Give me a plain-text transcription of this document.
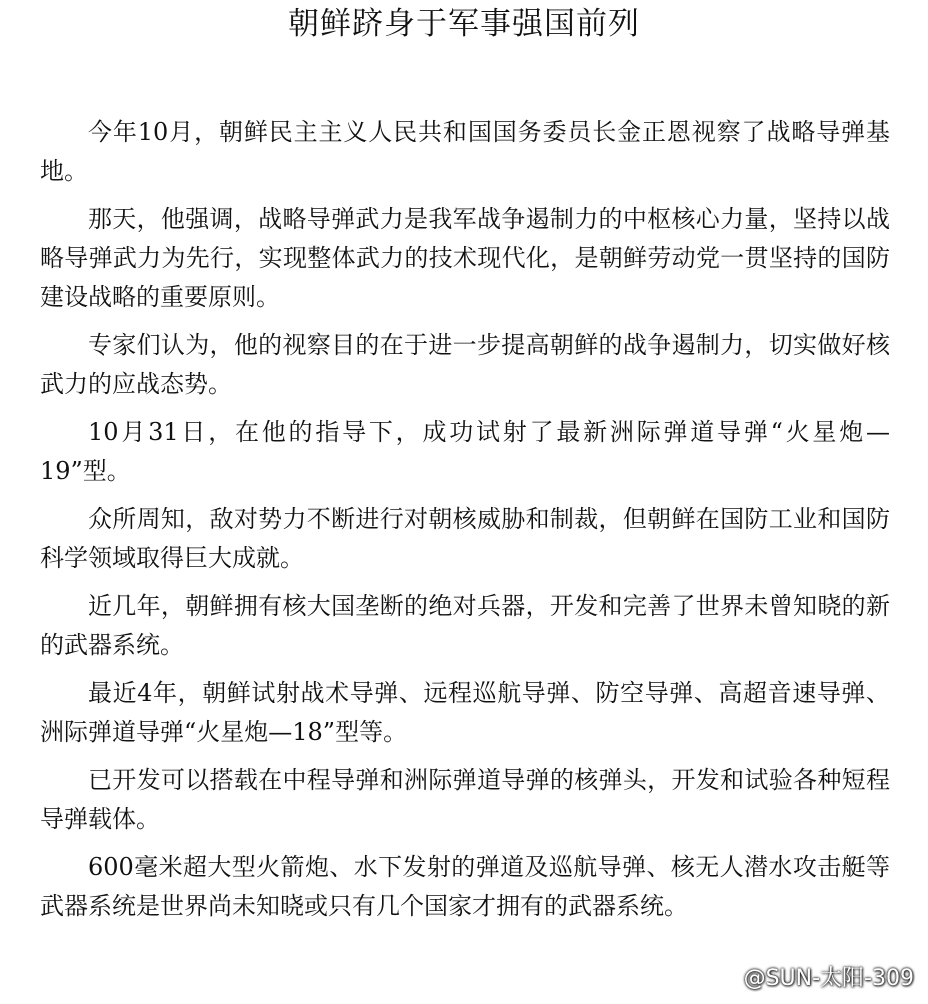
朝鲜跻身于军事强国前列

今年10月，朝鲜民主主义人民共和国国务委员长金正恩视察了战略导弹基地。

那天，他强调，战略导弹武力是我军战争遏制力的中枢核心力量，坚持以战略导弹武力为先行，实现整体武力的技术现代化，是朝鲜劳动党一贯坚持的国防建设战略的重要原则。

专家们认为，他的视察目的在于进一步提高朝鲜的战争遏制力，切实做好核武力的应战态势。

10月31日，在他的指导下，成功试射了最新洲际弹道导弹“火星炮—19”型。

众所周知，敌对势力不断进行对朝核威胁和制裁，但朝鲜在国防工业和国防科学领域取得巨大成就。

近几年，朝鲜拥有核大国垄断的绝对兵器，开发和完善了世界未曾知晓的新的武器系统。

最近4年，朝鲜试射战术导弹、远程巡航导弹、防空导弹、高超音速导弹、洲际弹道导弹“火星炮—18”型等。

已开发可以搭载在中程导弹和洲际弹道导弹的核弹头，开发和试验各种短程导弹载体。

600毫米超大型火箭炮、水下发射的弹道及巡航导弹、核无人潜水攻击艇等武器系统是世界尚未知晓或只有几个国家才拥有的武器系统。

@SUN-太阳-309
